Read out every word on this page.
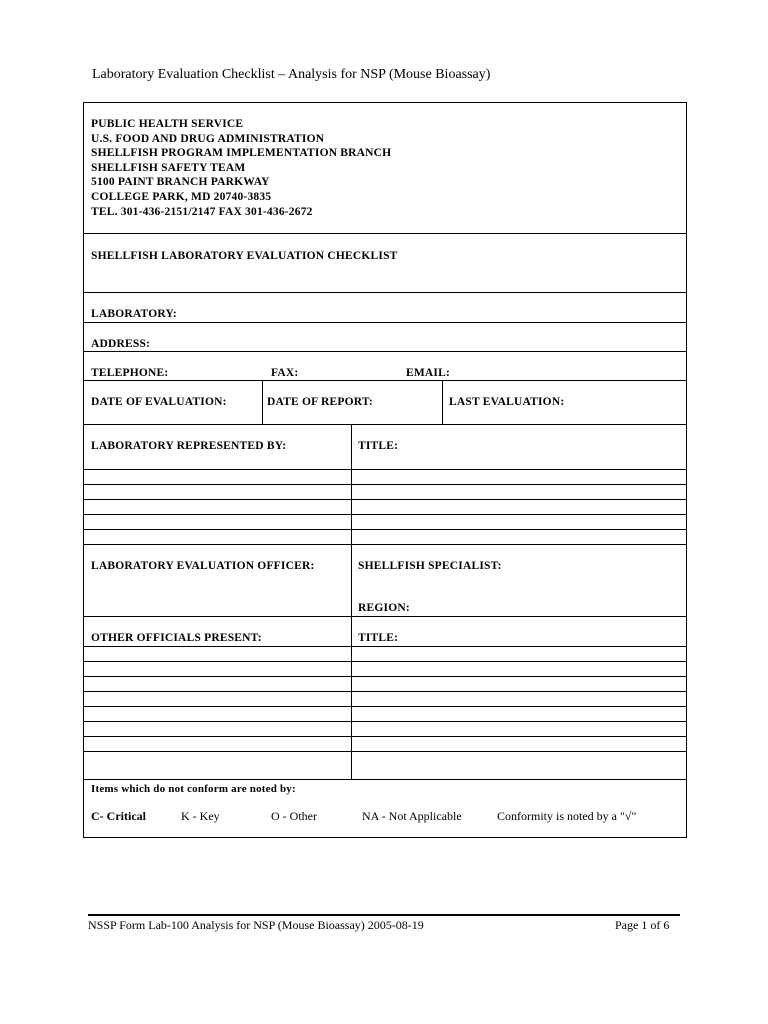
Laboratory Evaluation Checklist – Analysis for NSP (Mouse Bioassay)
PUBLIC HEALTH SERVICE
U.S. FOOD AND DRUG ADMINISTRATION
SHELLFISH PROGRAM IMPLEMENTATION BRANCH
SHELLFISH SAFETY TEAM
5100 PAINT BRANCH PARKWAY
COLLEGE PARK, MD 20740-3835
TEL. 301-436-2151/2147 FAX 301-436-2672
SHELLFISH LABORATORY EVALUATION CHECKLIST
LABORATORY:
ADDRESS:
TELEPHONE:	FAX:	EMAIL:
DATE OF EVALUATION:	DATE OF REPORT:	LAST EVALUATION:
LABORATORY REPRESENTED BY:	TITLE:
LABORATORY EVALUATION OFFICER:	SHELLFISH SPECIALIST:
REGION:
OTHER OFFICIALS PRESENT:	TITLE:
Items which do not conform are noted by:
C- Critical	K - Key	O - Other	NA - Not Applicable	Conformity is noted by a "√"
NSSP Form Lab-100 Analysis for NSP (Mouse Bioassay) 2005-08-19	Page 1 of 6
